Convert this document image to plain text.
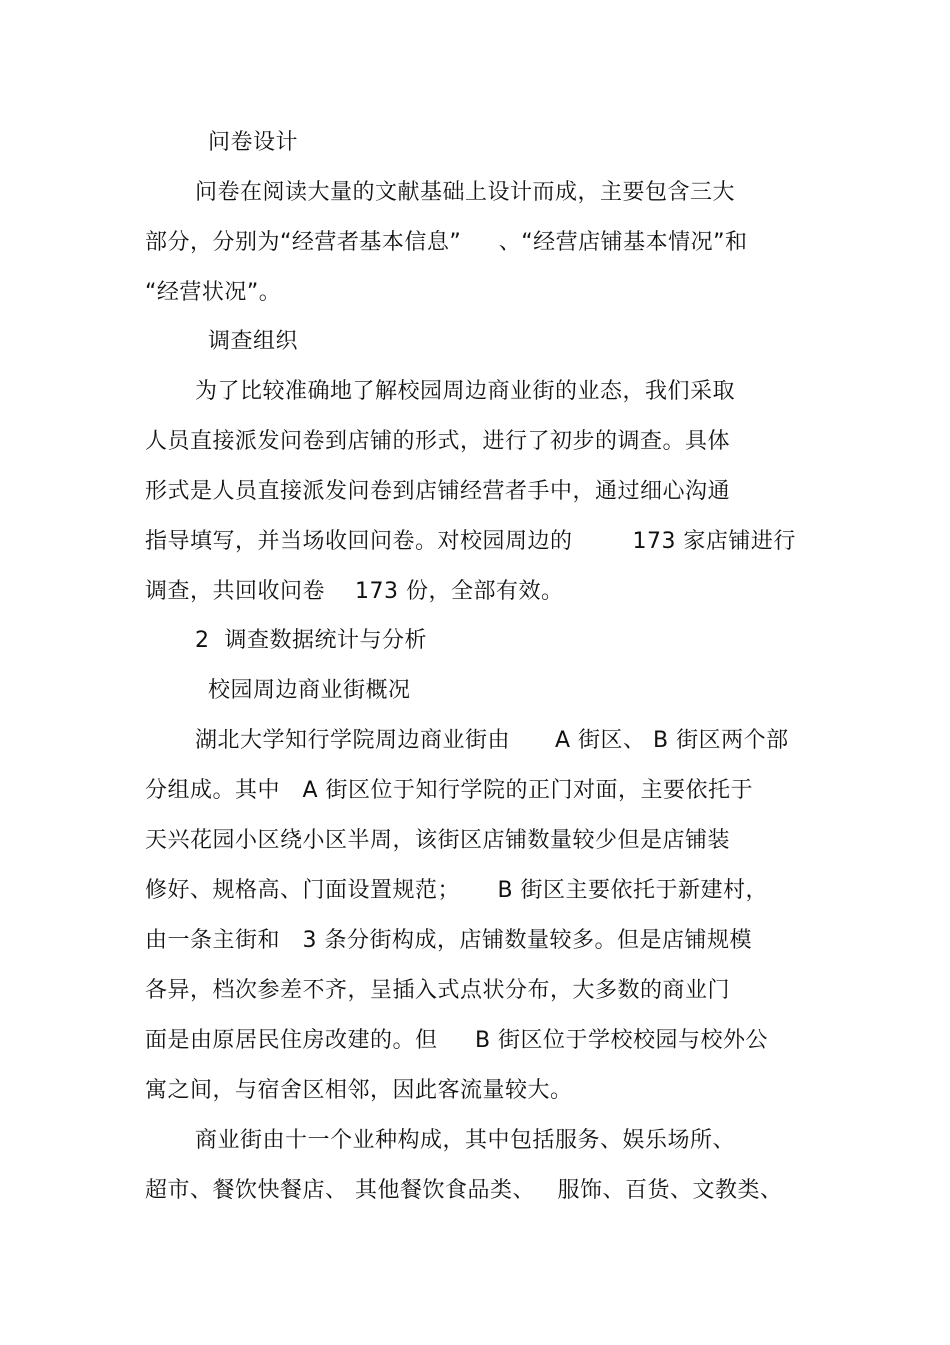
问卷设计
问卷在阅读大量的文献基础上设计而成，主要包含三大
部分，分别为“经营者基本信息”     、“经营店铺基本情况”和
“经营状况”。
调查组织
为了比较准确地了解校园周边商业街的业态，我们采取
人员直接派发问卷到店铺的形式，进行了初步的调查。具体
形式是人员直接派发问卷到店铺经营者手中，通过细心沟通
指导填写，并当场收回问卷。对校园周边的        173 家店铺进行
调查，共回收问卷    173 份，全部有效。
2  调查数据统计与分析
校园周边商业街概况
湖北大学知行学院周边商业街由      A 街区、 B 街区两个部
分组成。其中   A 街区位于知行学院的正门对面，主要依托于
天兴花园小区绕小区半周，该街区店铺数量较少但是店铺装
修好、规格高、门面设置规范；     B 街区主要依托于新建村，
由一条主街和   3 条分街构成，店铺数量较多。但是店铺规模
各异，档次参差不齐，呈插入式点状分布，大多数的商业门
面是由原居民住房改建的。但     B 街区位于学校校园与校外公
寓之间，与宿舍区相邻，因此客流量较大。
商业街由十一个业种构成，其中包括服务、娱乐场所、
超市、餐饮快餐店、 其他餐饮食品类、   服饰、百货、文教类、
